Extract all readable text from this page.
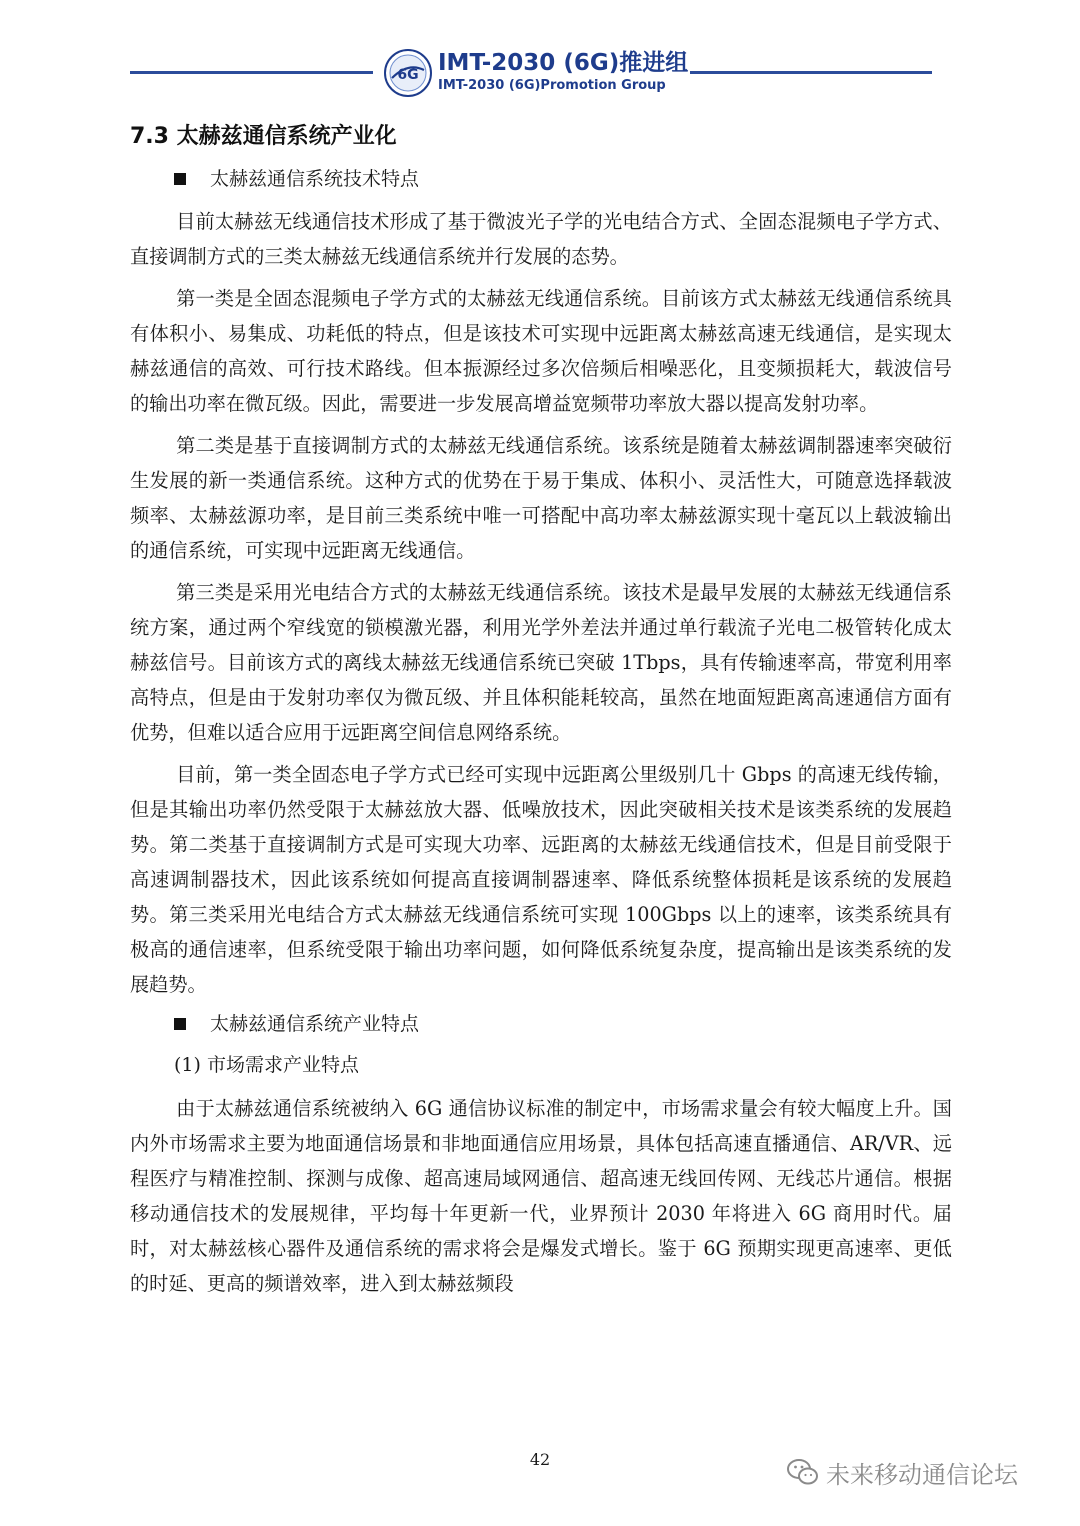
6G IMT-2030 (6G)推进组
IMT-2030 (6G)Promotion Group
7.3 太赫兹通信系统产业化
太赫兹通信系统技术特点

目前太赫兹无线通信技术形成了基于微波光子学的光电结合方式、全固态混频电子学方式、直接调制方式的三类太赫兹无线通信系统并行发展的态势。

第一类是全固态混频电子学方式的太赫兹无线通信系统。目前该方式太赫兹无线通信系统具有体积小、易集成、功耗低的特点，但是该技术可实现中远距离太赫兹高速无线通信，是实现太赫兹通信的高效、可行技术路线。但本振源经过多次倍频后相噪恶化，且变频损耗大，载波信号的输出功率在微瓦级。因此，需要进一步发展高增益宽频带功率放大器以提高发射功率。

第二类是基于直接调制方式的太赫兹无线通信系统。该系统是随着太赫兹调制器速率突破衍生发展的新一类通信系统。这种方式的优势在于易于集成、体积小、灵活性大，可随意选择载波频率、太赫兹源功率，是目前三类系统中唯一可搭配中高功率太赫兹源实现十毫瓦以上载波输出的通信系统，可实现中远距离无线通信。

第三类是采用光电结合方式的太赫兹无线通信系统。该技术是最早发展的太赫兹无线通信系统方案，通过两个窄线宽的锁模激光器，利用光学外差法并通过单行载流子光电二极管转化成太赫兹信号。目前该方式的离线太赫兹无线通信系统已突破 1Tbps，具有传输速率高，带宽利用率高特点，但是由于发射功率仅为微瓦级、并且体积能耗较高，虽然在地面短距离高速通信方面有优势，但难以适合应用于远距离空间信息网络系统。

目前，第一类全固态电子学方式已经可实现中远距离公里级别几十 Gbps 的高速无线传输，但是其输出功率仍然受限于太赫兹放大器、低噪放技术，因此突破相关技术是该类系统的发展趋势。第二类基于直接调制方式是可实现大功率、远距离的太赫兹无线通信技术，但是目前受限于高速调制器技术，因此该系统如何提高直接调制器速率、降低系统整体损耗是该系统的发展趋势。第三类采用光电结合方式太赫兹无线通信系统可实现 100Gbps 以上的速率，该类系统具有极高的通信速率，但系统受限于输出功率问题，如何降低系统复杂度，提高输出是该类系统的发展趋势。

太赫兹通信系统产业特点
(1) 市场需求产业特点

由于太赫兹通信系统被纳入 6G 通信协议标准的制定中，市场需求量会有较大幅度上升。国内外市场需求主要为地面通信场景和非地面通信应用场景，具体包括高速直播通信、AR/VR、远程医疗与精准控制、探测与成像、超高速局域网通信、超高速无线回传网、无线芯片通信。根据移动通信技术的发展规律，平均每十年更新一代，业界预计 2030 年将进入 6G 商用时代。届时，对太赫兹核心器件及通信系统的需求将会是爆发式增长。鉴于 6G 预期实现更高速率、更低的时延、更高的频谱效率，进入到太赫兹频段

42
未来移动通信论坛
